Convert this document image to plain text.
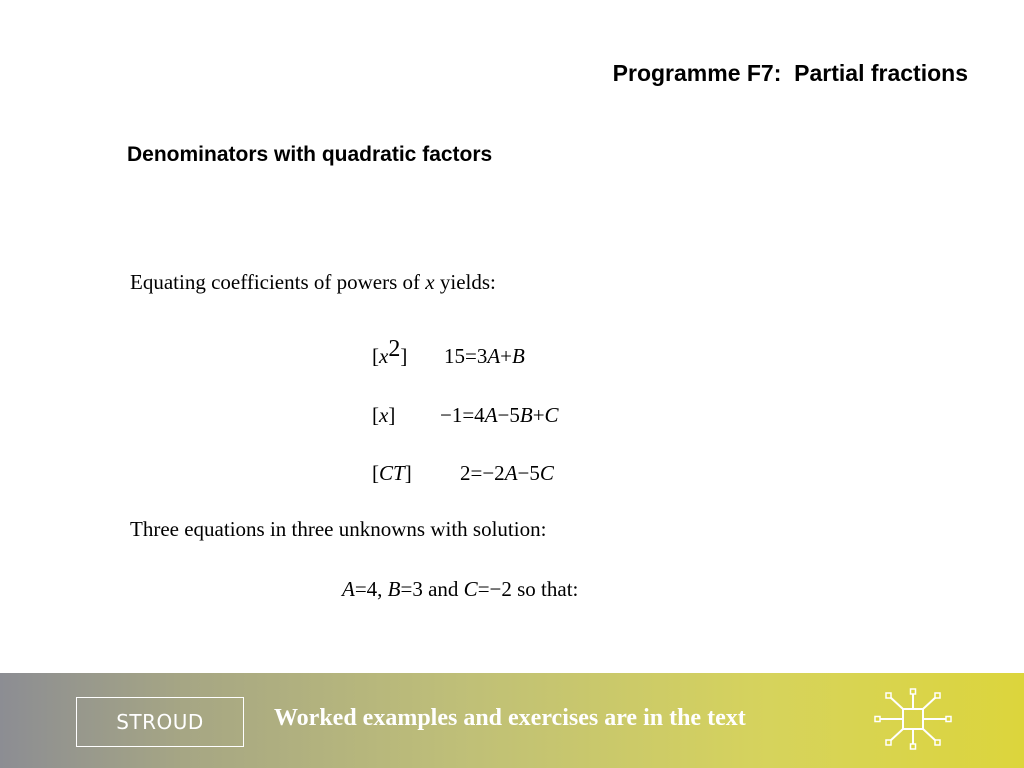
Programme F7:  Partial fractions
Denominators with quadratic factors
Equating coefficients of powers of x yields:
[x2] 15=3A+B
[x] −1=4A−5B+C
[CT] 2=−2A−5C
Three equations in three unknowns with solution:
A=4, B=3 and C=−2 so that:
STROUD	Worked examples and exercises are in the text
